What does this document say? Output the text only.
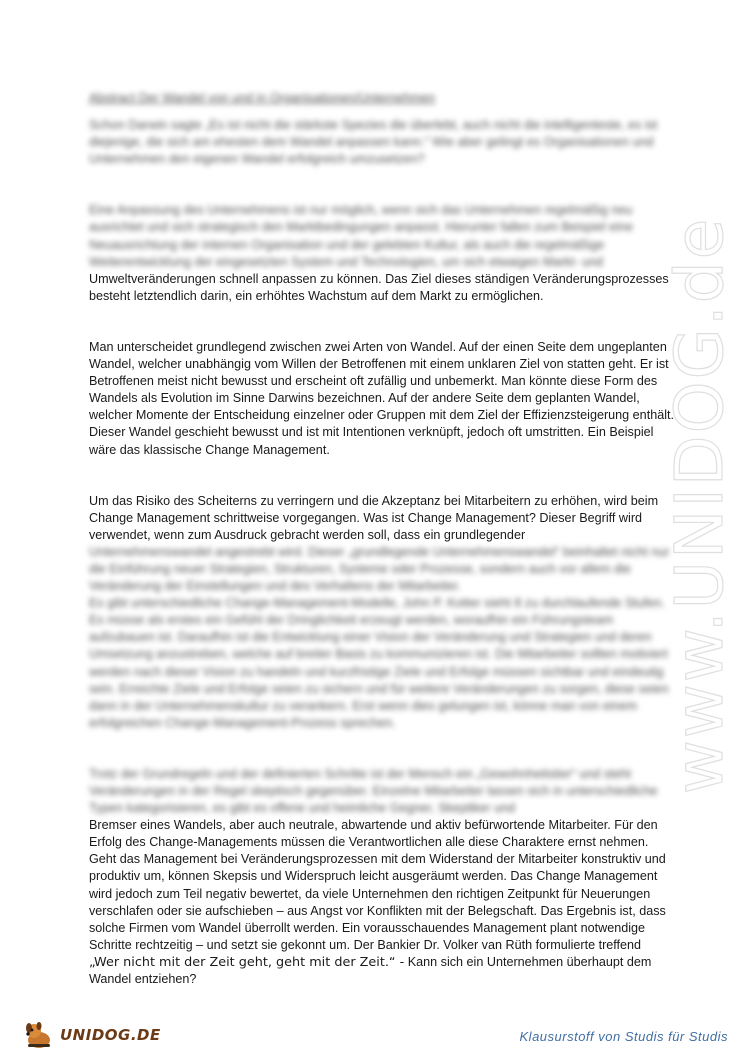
www.UNIDOG.de

Abstract Der Wandel von und in Organisationen/Unternehmen

Schon Darwin sagte „Es ist nicht die stärkste Spezies die überlebt, auch nicht die intelligenteste, es ist diejenige, die sich am ehesten dem Wandel anpassen kann.“ Wie aber gelingt es Organisationen und Unternehmen den eigenen Wandel erfolgreich umzusetzen?

Eine Anpassung des Unternehmens ist nur möglich, wenn sich das Unternehmen regelmäßig neu ausrichtet und sich strategisch den Marktbedingungen anpasst. Hierunter fallen zum Beispiel eine Neuausrichtung der internen Organisation und der gelebten Kultur, als auch die regelmäßige Weiterentwicklung der eingesetzten System und Technologien, um sich etwaigen Markt- und

Umweltveränderungen schnell anpassen zu können. Das Ziel dieses ständigen Veränderungsprozesses besteht letztendlich darin, ein erhöhtes Wachstum auf dem Markt zu ermöglichen.

Man unterscheidet grundlegend zwischen zwei Arten von Wandel. Auf der einen Seite dem ungeplanten Wandel, welcher unabhängig vom Willen der Betroffenen mit einem unklaren Ziel von statten geht. Er ist Betroffenen meist nicht bewusst und erscheint oft zufällig und unbemerkt. Man könnte diese Form des Wandels als Evolution im Sinne Darwins bezeichnen. Auf der andere Seite dem geplanten Wandel, welcher Momente der Entscheidung einzelner oder Gruppen mit dem Ziel der Effizienzsteigerung enthält. Dieser Wandel geschieht bewusst und ist mit Intentionen verknüpft, jedoch oft umstritten. Ein Beispiel wäre das klassische Change Management.

Um das Risiko des Scheiterns zu verringern und die Akzeptanz bei Mitarbeitern zu erhöhen, wird beim Change Management schrittweise vorgegangen. Was ist Change Management? Dieser Begriff wird verwendet, wenn zum Ausdruck gebracht werden soll, dass ein grundlegender

Unternehmenswandel angestrebt wird. Dieser „grundlegende Unternehmenswandel“ beinhaltet nicht nur die Einführung neuer Strategien, Strukturen, Systeme oder Prozesse, sondern auch vor allem die Veränderung der Einstellungen und des Verhaltens der Mitarbeiter.

Es gibt unterschiedliche Change-Management-Modelle, John P. Kotter sieht 8 zu durchlaufende Stufen. Es müsse als erstes ein Gefühl der Dringlichkeit erzeugt werden, woraufhin ein Führungsteam aufzubauen ist. Daraufhin ist die Entwicklung einer Vision der Veränderung und Strategien und deren Umsetzung anzustreben, welche auf breiter Basis zu kommunizieren ist. Die Mitarbeiter sollten motiviert werden nach dieser Vision zu handeln und kurzfristige Ziele und Erfolge müssen sichtbar und eindeutig sein. Erreichte Ziele und Erfolge seien zu sichern und für weitere Veränderungen zu sorgen, diese seien dann in der Unternehmenskultur zu verankern. Erst wenn dies gelungen ist, könne man von einem erfolgreichen Change-Management-Prozess sprechen.

Trotz der Grundregeln und der definierten Schritte ist der Mensch ein „Gewohnheitstier“ und steht Veränderungen in der Regel skeptisch gegenüber. Einzelne Mitarbeiter lassen sich in unterschiedliche Typen kategorisieren, es gibt es offene und heimliche Gegner, Skeptiker und

Bremser eines Wandels, aber auch neutrale, abwartende und aktiv befürwortende Mitarbeiter. Für den Erfolg des Change-Managements müssen die Verantwortlichen alle diese Charaktere ernst nehmen. Geht das Management bei Veränderungsprozessen mit dem Widerstand der Mitarbeiter konstruktiv und produktiv um, können Skepsis und Widerspruch leicht ausgeräumt werden. Das Change Management wird jedoch zum Teil negativ bewertet, da viele Unternehmen den richtigen Zeitpunkt für Neuerungen verschlafen oder sie aufschieben – aus Angst vor Konflikten mit der Belegschaft. Das Ergebnis ist, dass solche Firmen vom Wandel überrollt werden. Ein vorausschauendes Management plant notwendige Schritte rechtzeitig – und setzt sie gekonnt um. Der Bankier Dr. Volker van Rüth formulierte treffend „Wer nicht mit der Zeit geht, geht mit der Zeit.“ - Kann sich ein Unternehmen überhaupt dem Wandel entziehen?

UNIDOG.DE	Klausurstoff von Studis für Studis
